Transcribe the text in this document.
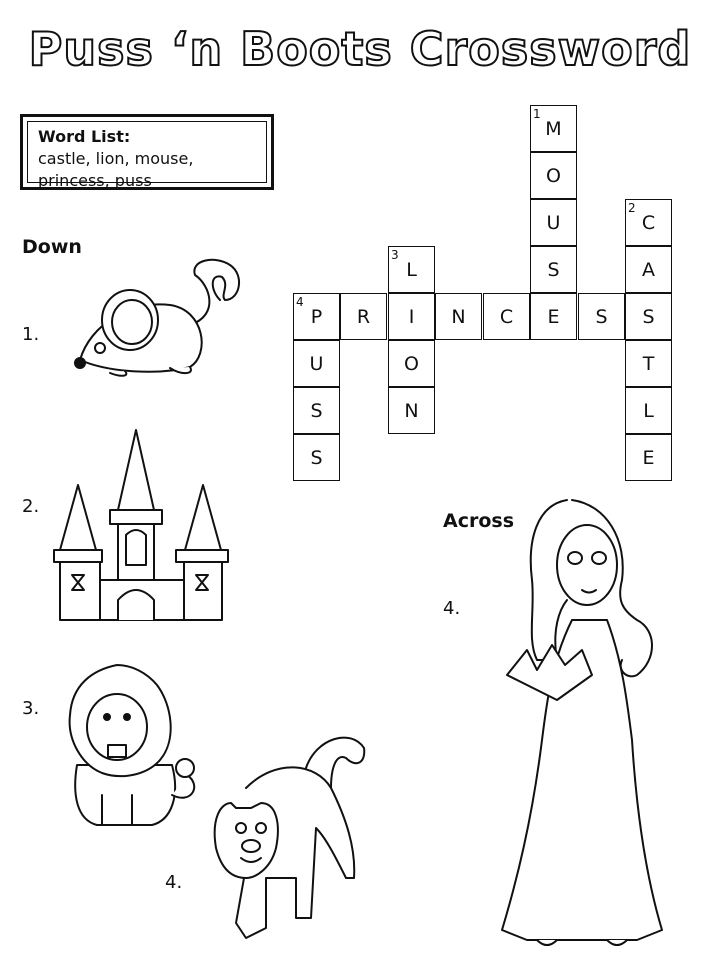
Puss ‘n Boots Crossword
Word List:
castle, lion, mouse,
princess, puss
Down
Across
1.
2.
3.
4.
4.
1
M
O
U
S
2
C
A
T
L
E
3
L
O
N
4
P R I N C E S S
U
S
S
